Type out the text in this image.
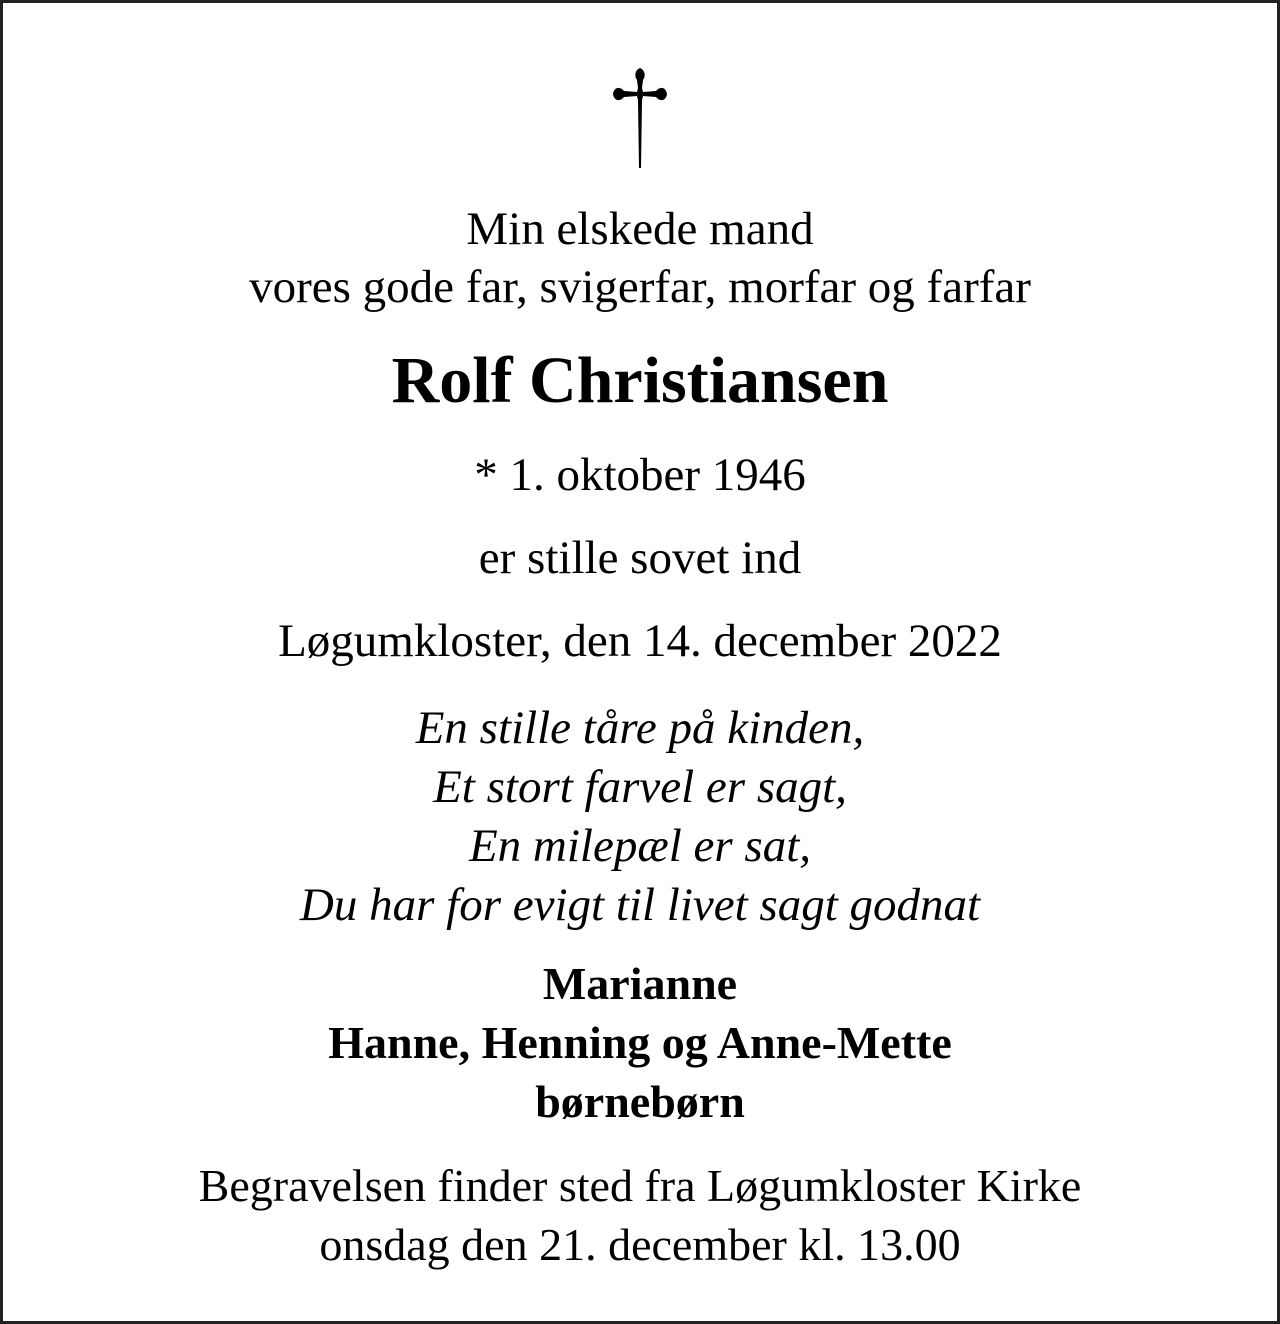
Min elskede mand
vores gode far, svigerfar, morfar og farfar
Rolf Christiansen
* 1. oktober 1946
er stille sovet ind
Løgumkloster, den 14. december 2022
En stille tåre på kinden,
Et stort farvel er sagt,
En milepæl er sat,
Du har for evigt til livet sagt godnat
Marianne
Hanne, Henning og Anne-Mette
børnebørn
Begravelsen finder sted fra Løgumkloster Kirke
onsdag den 21. december kl. 13.00
